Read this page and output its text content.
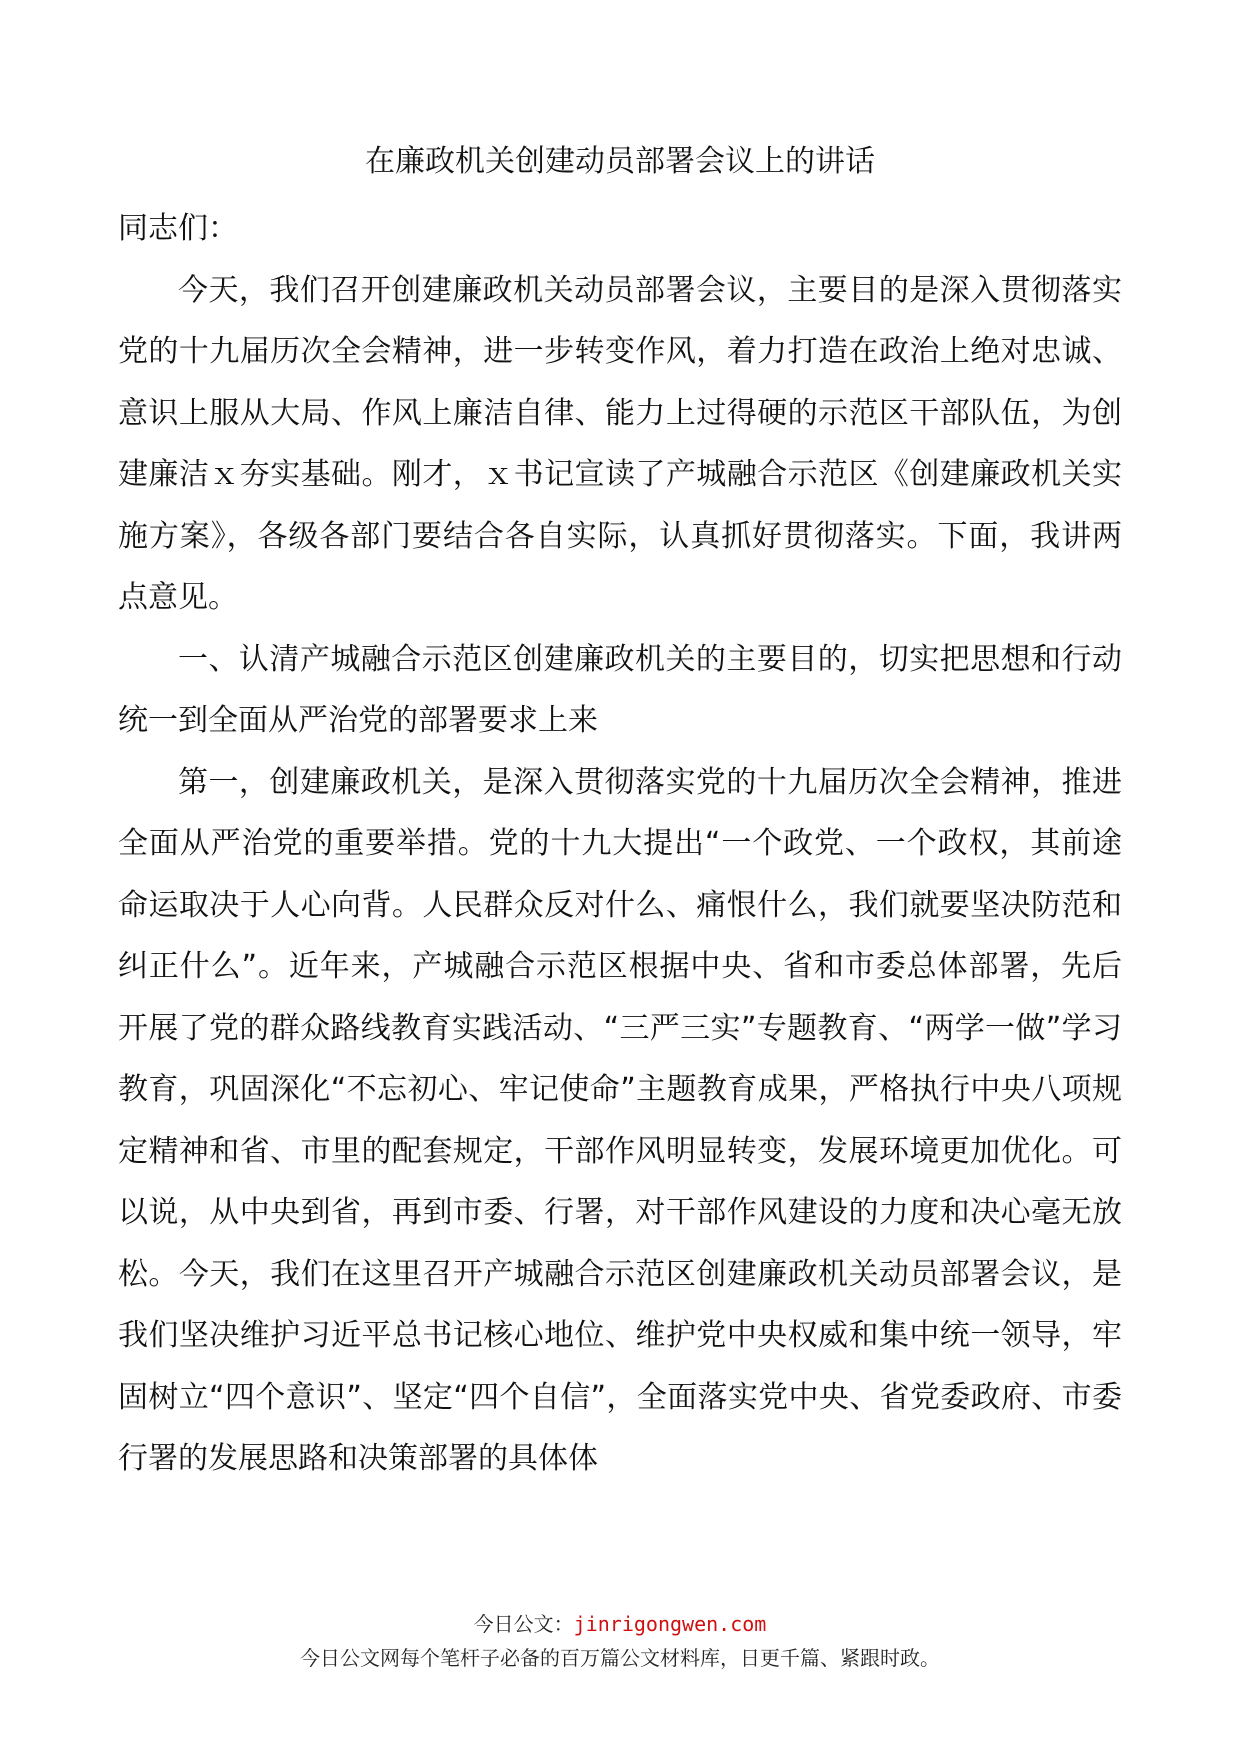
在廉政机关创建动员部署会议上的讲话

同志们：

今天，我们召开创建廉政机关动员部署会议，主要目的是深入贯彻落实党的十九届历次全会精神，进一步转变作风，着力打造在政治上绝对忠诚、意识上服从大局、作风上廉洁自律、能力上过得硬的示范区干部队伍，为创建廉洁ｘ夯实基础。刚才，ｘ书记宣读了产城融合示范区《创建廉政机关实施方案》，各级各部门要结合各自实际，认真抓好贯彻落实。下面，我讲两点意见。

一、认清产城融合示范区创建廉政机关的主要目的，切实把思想和行动统一到全面从严治党的部署要求上来

第一，创建廉政机关，是深入贯彻落实党的十九届历次全会精神，推进全面从严治党的重要举措。党的十九大提出“一个政党、一个政权，其前途命运取决于人心向背。人民群众反对什么、痛恨什么，我们就要坚决防范和纠正什么”。近年来，产城融合示范区根据中央、省和市委总体部署，先后开展了党的群众路线教育实践活动、“三严三实”专题教育、“两学一做”学习教育，巩固深化“不忘初心、牢记使命”主题教育成果，严格执行中央八项规定精神和省、市里的配套规定，干部作风明显转变，发展环境更加优化。可以说，从中央到省，再到市委、行署，对干部作风建设的力度和决心毫无放松。今天，我们在这里召开产城融合示范区创建廉政机关动员部署会议，是我们坚决维护习近平总书记核心地位、维护党中央权威和集中统一领导，牢固树立“四个意识”、坚定“四个自信”，全面落实党中央、省党委政府、市委行署的发展思路和决策部署的具体体

今日公文：jinrigongwen.com
今日公文网每个笔杆子必备的百万篇公文材料库，日更千篇、紧跟时政。
